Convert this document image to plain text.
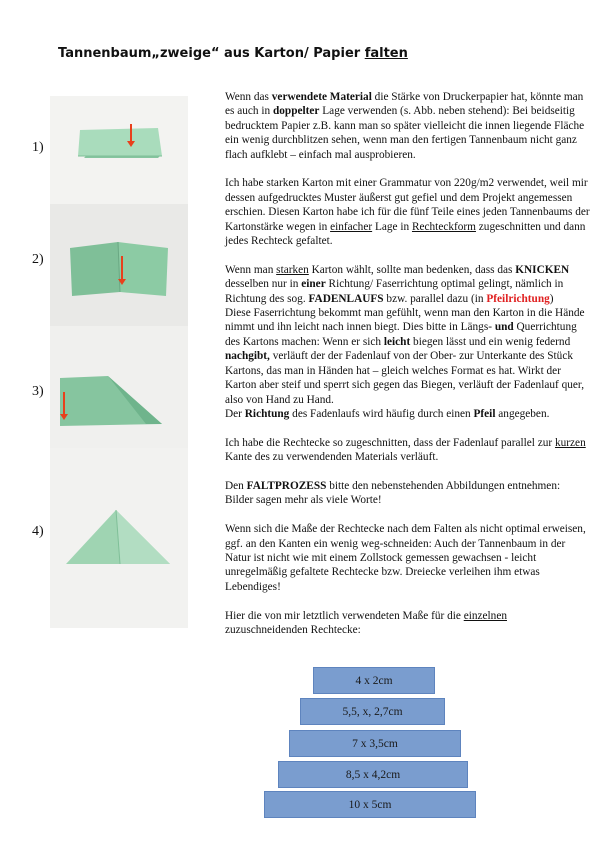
Tannenbaum„zweige“ aus Karton/ Papier falten
1)
2)
3)
4)

Wenn das verwendete Material die Stärke von Druckerpapier hat, könnte man es auch in doppelter Lage verwenden (s. Abb. neben stehend): Bei beidseitig bedrucktem Papier z.B. kann man so später vielleicht die innen liegende Fläche ein wenig durchblitzen sehen, wenn man den fertigen Tannenbaum nicht ganz flach aufklebt – einfach mal ausprobieren.

Ich habe starken Karton mit einer Grammatur von 220g/m2 verwendet, weil mir dessen aufgedrucktes Muster äußerst gut gefiel und dem Projekt angemessen erschien. Diesen Karton habe ich für die fünf Teile eines jeden Tannenbaums der Kartonstärke wegen in einfacher Lage in Rechteckform zugeschnitten und dann jedes Rechteck gefaltet.

Wenn man starken Karton wählt, sollte man bedenken, dass das KNICKEN desselben nur in einer Richtung/ Faserrichtung optimal gelingt, nämlich in Richtung des sog. FADENLAUFS bzw. parallel dazu (in Pfeilrichtung)
Diese Faserrichtung bekommt man gefühlt, wenn man den Karton in die Hände nimmt und ihn leicht nach innen biegt. Dies bitte in Längs- und Querrichtung des Kartons machen: Wenn er sich leicht biegen lässt und ein wenig federnd nachgibt, verläuft der der Fadenlauf von der Ober- zur Unterkante des Stück Kartons, das man in Händen hat – gleich welches Format es hat. Wirkt der Karton aber steif und sperrt sich gegen das Biegen, verläuft der Fadenlauf quer, also von Hand zu Hand.
Der Richtung des Fadenlaufs wird häufig durch einen Pfeil angegeben.

Ich habe die Rechtecke so zugeschnitten, dass der Fadenlauf parallel zur kurzen Kante des zu verwendenden Materials verläuft.

Den FALTPROZESS bitte den nebenstehenden Abbildungen entnehmen: Bilder sagen mehr als viele Worte!

Wenn sich die Maße der Rechtecke nach dem Falten als nicht optimal erweisen, ggf. an den Kanten ein wenig weg-schneiden: Auch der Tannenbaum in der Natur ist nicht wie mit einem Zollstock gemessen gewachsen - leicht unregelmäßig gefaltete Rechtecke bzw. Dreiecke verleihen ihm etwas Lebendiges!

Hier die von mir letztlich verwendeten Maße für die einzelnen zuzuschneidenden Rechtecke:

4 x 2cm
5,5, x, 2,7cm
7 x 3,5cm
8,5 x 4,2cm
10 x 5cm
